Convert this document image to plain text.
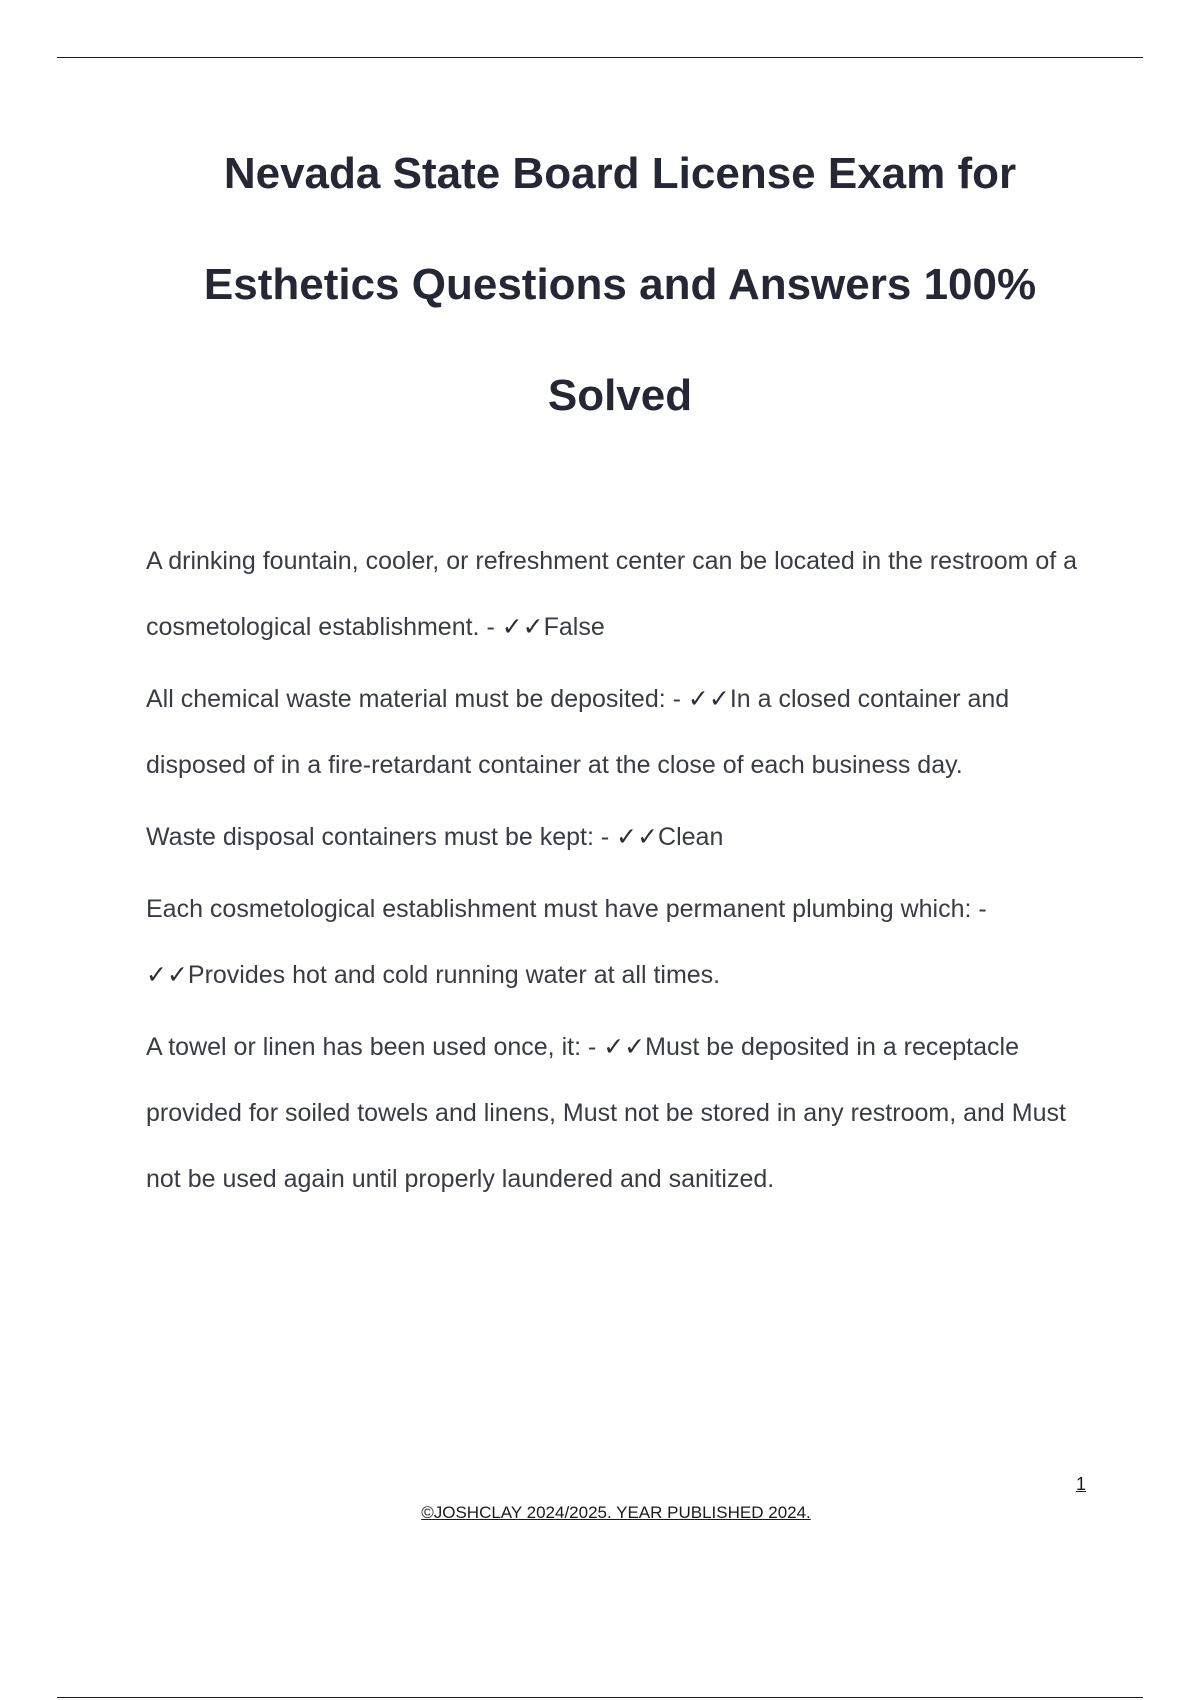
Nevada State Board License Exam for Esthetics Questions and Answers 100% Solved

A drinking fountain, cooler, or refreshment center can be located in the restroom of a cosmetological establishment. - ✓✓False

All chemical waste material must be deposited: - ✓✓In a closed container and disposed of in a fire-retardant container at the close of each business day.

Waste disposal containers must be kept: - ✓✓Clean

Each cosmetological establishment must have permanent plumbing which: - ✓✓Provides hot and cold running water at all times.

A towel or linen has been used once, it: - ✓✓Must be deposited in a receptacle provided for soiled towels and linens, Must not be stored in any restroom, and Must not be used again until properly laundered and sanitized.

1
©JOSHCLAY 2024/2025. YEAR PUBLISHED 2024.
